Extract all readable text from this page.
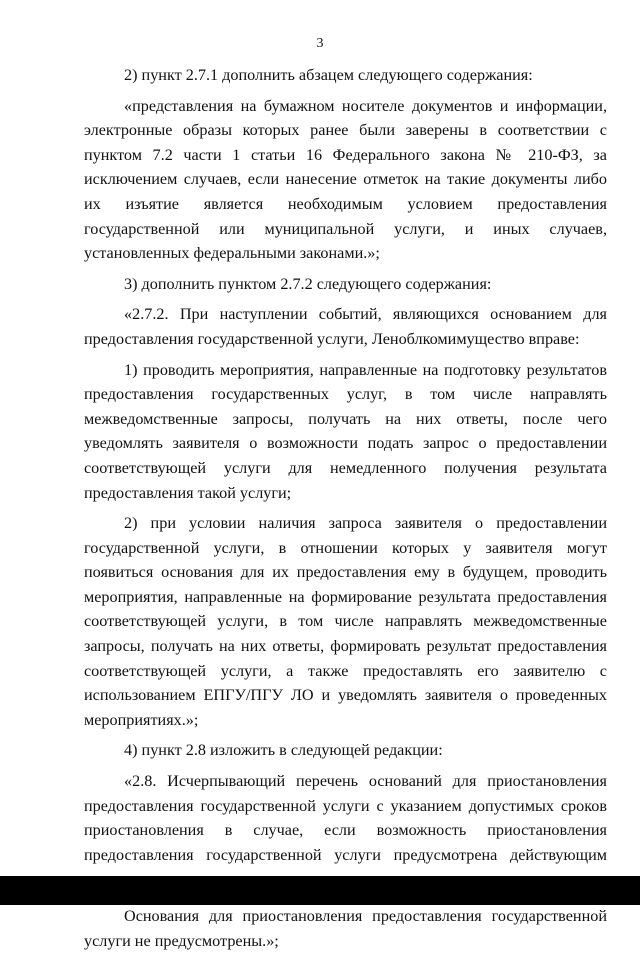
3

2) пункт 2.7.1 дополнить абзацем следующего содержания:

«представления на бумажном носителе документов и информации, электронные образы которых ранее были заверены в соответствии с пунктом 7.2 части 1 статьи 16 Федерального закона № 210-ФЗ, за исключением случаев, если нанесение отметок на такие документы либо их изъятие является необходимым условием предоставления государственной или муниципальной услуги, и иных случаев, установленных федеральными законами.»;

3) дополнить пунктом 2.7.2 следующего содержания:

«2.7.2. При наступлении событий, являющихся основанием для предоставления государственной услуги, Леноблкомимущество вправе:

1) проводить мероприятия, направленные на подготовку результатов предоставления государственных услуг, в том числе направлять межведомственные запросы, получать на них ответы, после чего уведомлять заявителя о возможности подать запрос о предоставлении соответствующей услуги для немедленного получения результата предоставления такой услуги;

2) при условии наличия запроса заявителя о предоставлении государственной услуги, в отношении которых у заявителя могут появиться основания для их предоставления ему в будущем, проводить мероприятия, направленные на формирование результата предоставления соответствующей услуги, в том числе направлять межведомственные запросы, получать на них ответы, формировать результат предоставления соответствующей услуги, а также предоставлять его заявителю с использованием ЕПГУ/ПГУ ЛО и уведомлять заявителя о проведенных мероприятиях.»;

4) пункт 2.8 изложить в следующей редакции:

«2.8. Исчерпывающий перечень оснований для приостановления предоставления государственной услуги с указанием допустимых сроков приостановления в случае, если возможность приостановления предоставления государственной услуги предусмотрена действующим

Основания для приостановления предоставления государственной услуги не предусмотрены.»;
